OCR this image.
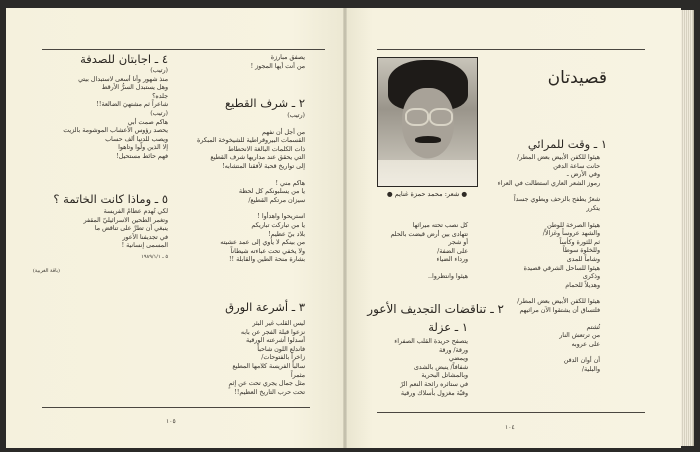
٤ ـ اجابتان للصدفة
(رتيب)
منذ شهور وأنا أسعى لاستبدال بيتي
وهل يستبدل السرُّ الأرقط
جلده؟
شاعراً ثم مشتهيَ الضالعة!!
(رتيب)
هاكم صمت أبي
يحصد رؤوس الأعشاب الموشومة بالزيت
ويصب للدنيا ألف حساب
إلا الذين ولّوا وتاهوا
فهم حائط مستحيل!
٥ ـ وماذا كانت الخاتمة ؟
لكي تُهدم عظامُ الفريسة
وتغمر الطحين الاسرائيليّ المقفر
ينبغي أن تطرَّ على تناقض ما
في تجديفنا الأعور
المسمى إنسانية !
٥ ـ ١٩٨٩/١/١
(باقة الغربية)
يصفق مبارزة
من أنت أيها المجوز !
٢ ـ شرف القطيع
(رتيب)
من أجل أن نفهم
القسمات البيروقراطية للشيخوخة المبكرة
ذات الكلمات البالغة الانحطاط
التي يحقق عند مداريها شرف القطيع
إلى تواريخ قحبة لأفقنا المتشابه!
هاكم مني !
يا من يسلبونكم كل لحظة
سيزان مرتكم القطيع/
استريحوا واهدأوا !
يا من تباركت تباريكم
بلاد بيّ عظيم!
من بينكم لا يأوي إلى عمد عشيته
ولا يخفي تحت عباءته شيطاناً
بشارة منحة الطين والقابلة !!
٣ ـ أشرعة الورق
ليس القلب غير البئر
نزعوا قبلة الفجر عن بابه
أسدلوا أشرعته الورقية
فاندلع اللون شاحباً
زاخراً بالفتوحات/
سالباً الفريسة كلامها المطيع
مثمراً
مثل جمال يجري تحت عن إثمٍ
تحت حرب التاريخ العظيم!!
١٠٥
● شعر: محمد حمزة غنايم ●
قصيدتان
١ ـ وقت للمرائي
هيئوا للكفن الأبيض بعض المطر/
حانت ساعة الدفن
وفي الأرض ـ
رموز الشعر العاري استطالت في العراء
شعرٌ يطفح بالزحف ويطوي جسداً
يتكرر
هيئوا الصرخة للوطن
والشهد عروساً وغزالاً/
ثم للثورة وكأساً
وللخلوة سوطاً
وشاماً للمدى
هيئوا للساحل الشرقي قصيدة
وذكرى
وهديلاً للحمام
هيئوا للكفن الأبيض بعض المطر/
فلتساق أن يشتقوا الآن مراثيهم
تُشتم
من ترتعش النار
على عروبه
أن أوان الدفن
والبلية/
كل نصب تحته ميراثها
تتهادى بين أرض قبضت بالحلم
أو شجر
على الضفة/
ورداء الضياء
هيئوا وانتظروا..
٢ ـ تناقضات التجديف الأعور
١ ـ عزلة
يتصفح حريدة القلب الصفراء
ورقة/ ورقة
ويمضي
شفافاً/ ينبض بالشدى
وبالمشاتل البحرية
في ستائره رائحة النعم الرّ
وقبّة مغزول بأسلاك ورقية
١٠٤
